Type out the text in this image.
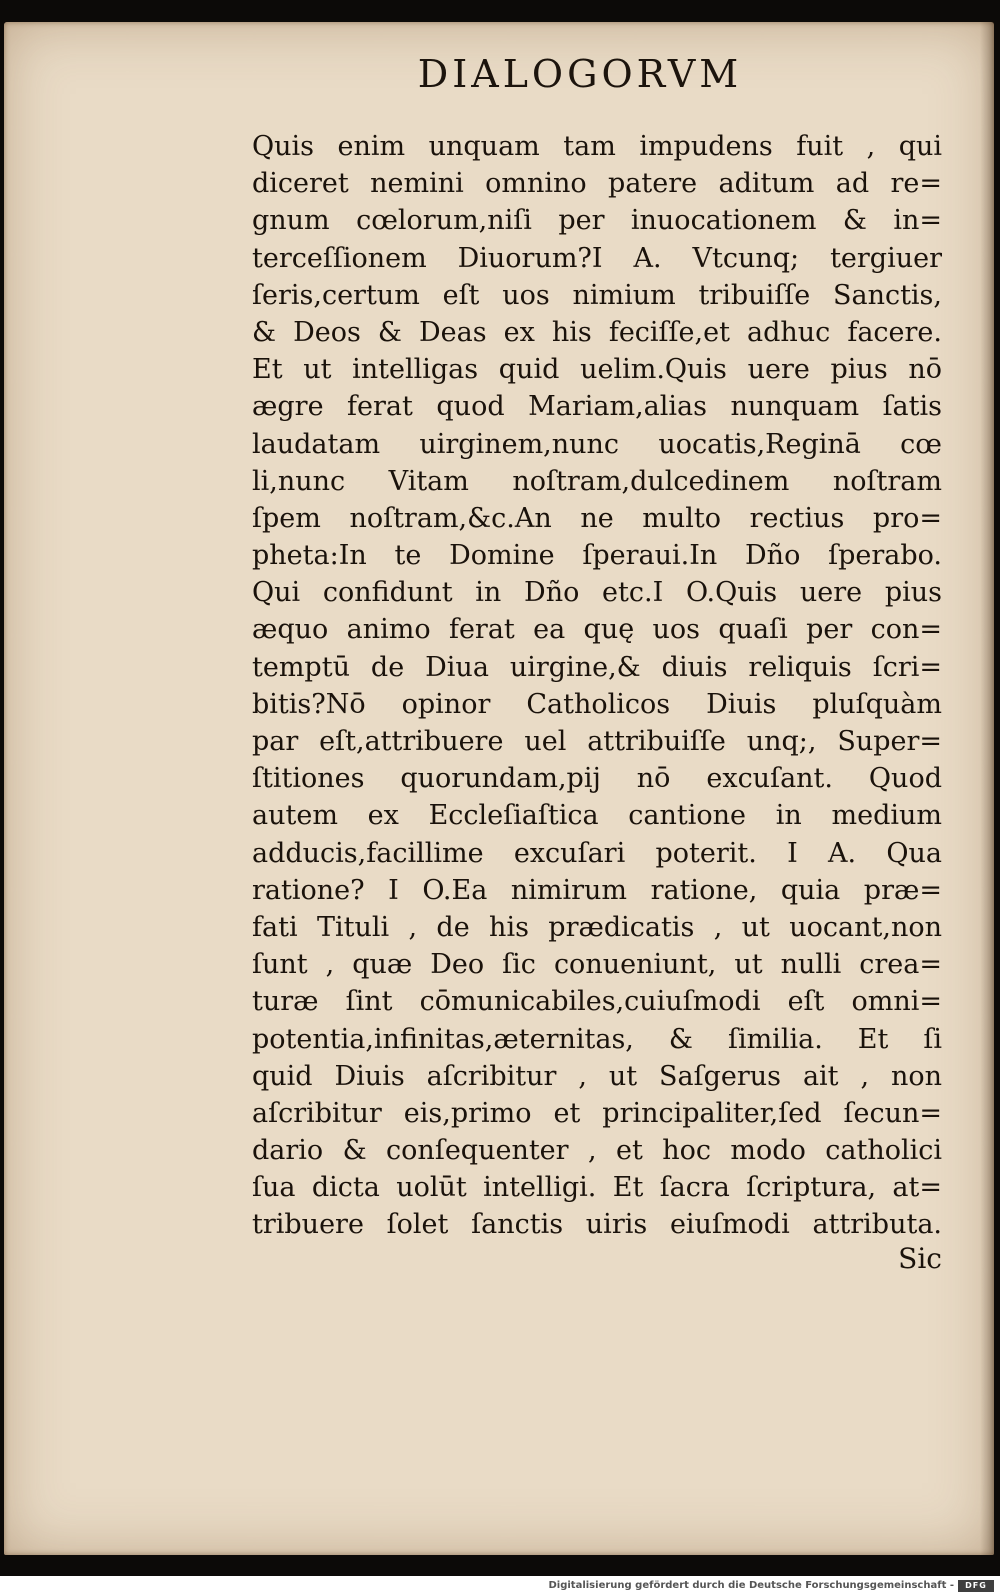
DIALOGORVM
Quis enim unquam tam impudens fuit , qui
diceret nemini omnino patere aditum ad re=
gnum cœlorum,niſi per inuocationem & in=
terceſſionem Diuorum?I A. Vtcunq; tergiuer
ſeris,certum eſt uos nimium tribuiſſe Sanctis,
& Deos & Deas ex his feciſſe,et adhuc facere.
Et ut intelligas quid uelim.Quis uere pius nō
ægre ferat quod Mariam,alias nunquam ſatis
laudatam uirginem,nunc uocatis,Reginā cœ
li,nunc Vitam noſtram,dulcedinem noſtram
ſpem noſtram,&c.An ne multo rectius pro=
pheta:In te Domine ſperaui.In Dño ſperabo.
Qui confidunt in Dño etc.I O.Quis uere pius
æquo animo ferat ea quę uos quaſi per con=
temptū de Diua uirgine,& diuis reliquis ſcri=
bitis?Nō opinor Catholicos Diuis pluſquàm
par eſt,attribuere uel attribuiſſe unq;, Super=
ſtitiones quorundam,pij nō excuſant. Quod
autem ex Eccleſiaſtica cantione in medium
adducis,facillime excuſari poterit. I A. Qua
ratione? I O.Ea nimirum ratione, quia præ=
fati Tituli , de his prædicatis , ut uocant,non
ſunt , quæ Deo ſic conueniunt, ut nulli crea=
turæ ſint cōmunicabiles,cuiuſmodi eſt omni=
potentia,infinitas,æternitas, & ſimilia. Et ſi
quid Diuis aſcribitur , ut Saſgerus ait , non
aſcribitur eis,primo et principaliter,ſed ſecun=
dario & conſequenter , et hoc modo catholici
ſua dicta uolūt intelligi. Et ſacra ſcriptura, at=
tribuere ſolet ſanctis uiris eiuſmodi attributa.
Sic
Digitalisierung gefördert durch die Deutsche Forschungsgemeinschaft -	DFG
